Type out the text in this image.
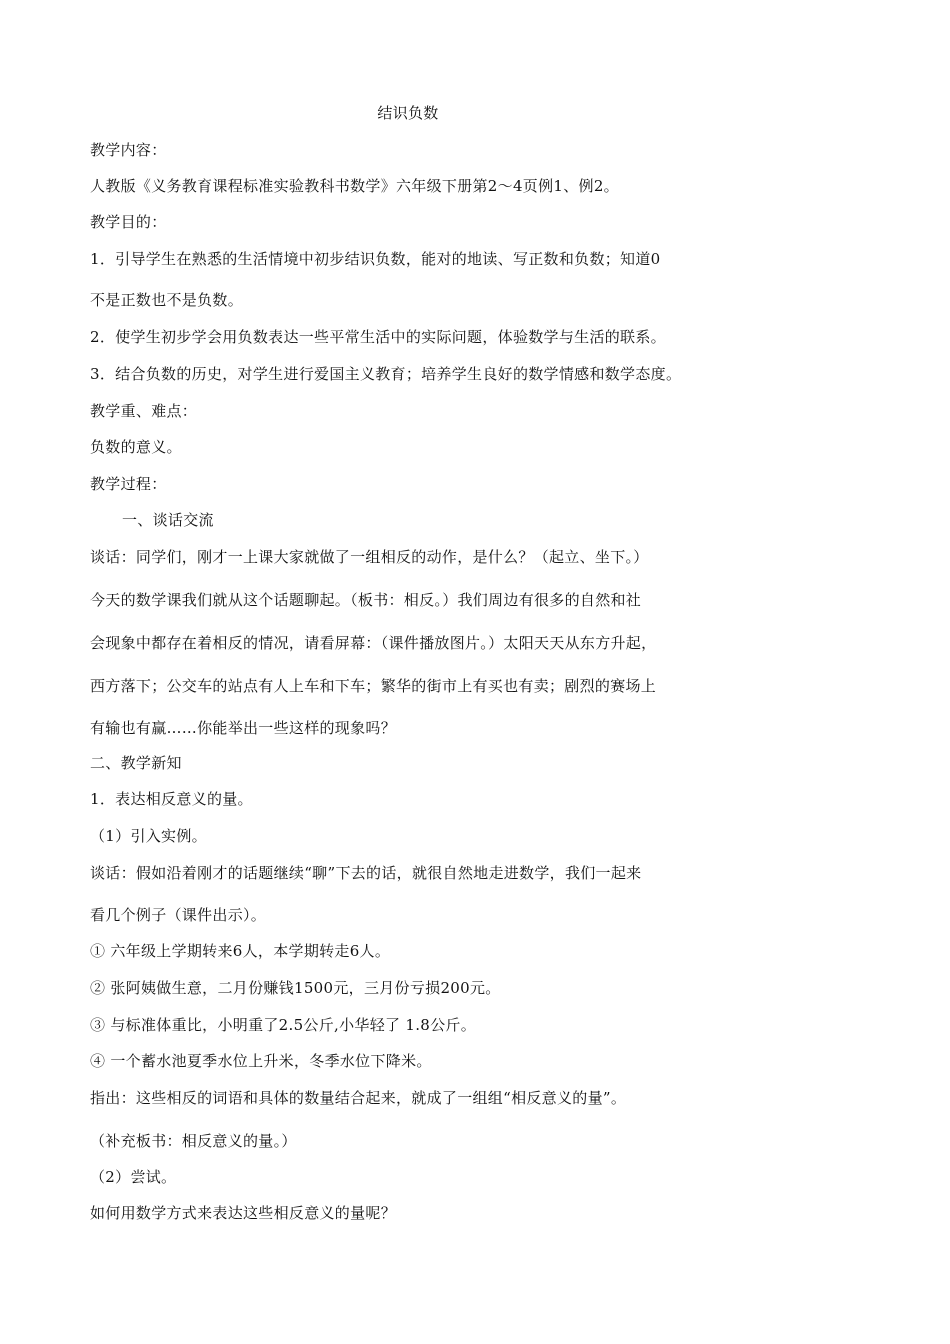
结识负数
教学内容：
人教版《义务教育课程标准实验教科书数学》六年级下册第2～4页例1、例2。
教学目的：
1．引导学生在熟悉的生活情境中初步结识负数，能对的地读、写正数和负数；知道0
不是正数也不是负数。
2．使学生初步学会用负数表达一些平常生活中的实际问题，体验数学与生活的联系。
3．结合负数的历史，对学生进行爱国主义教育；培养学生良好的数学情感和数学态度。
教学重、难点：
负数的意义。
教学过程：
一、谈话交流
谈话：同学们，刚才一上课大家就做了一组相反的动作，是什么？（起立、坐下。）
今天的数学课我们就从这个话题聊起。（板书：相反。）我们周边有很多的自然和社
会现象中都存在着相反的情况，请看屏幕：（课件播放图片。）太阳天天从东方升起，
西方落下；公交车的站点有人上车和下车；繁华的街市上有买也有卖；剧烈的赛场上
有输也有赢……你能举出一些这样的现象吗？
二、教学新知
1．表达相反意义的量。
（1）引入实例。
谈话：假如沿着刚才的话题继续“聊”下去的话，就很自然地走进数学，我们一起来
看几个例子（课件出示）。
① 六年级上学期转来6人，本学期转走6人。
② 张阿姨做生意，二月份赚钱1500元，三月份亏损200元。
③ 与标准体重比，小明重了2.5公斤,小华轻了 1.8公斤。
④ 一个蓄水池夏季水位上升米，冬季水位下降米。
指出：这些相反的词语和具体的数量结合起来，就成了一组组“相反意义的量”。
（补充板书：相反意义的量。）
（2）尝试。
如何用数学方式来表达这些相反意义的量呢？
